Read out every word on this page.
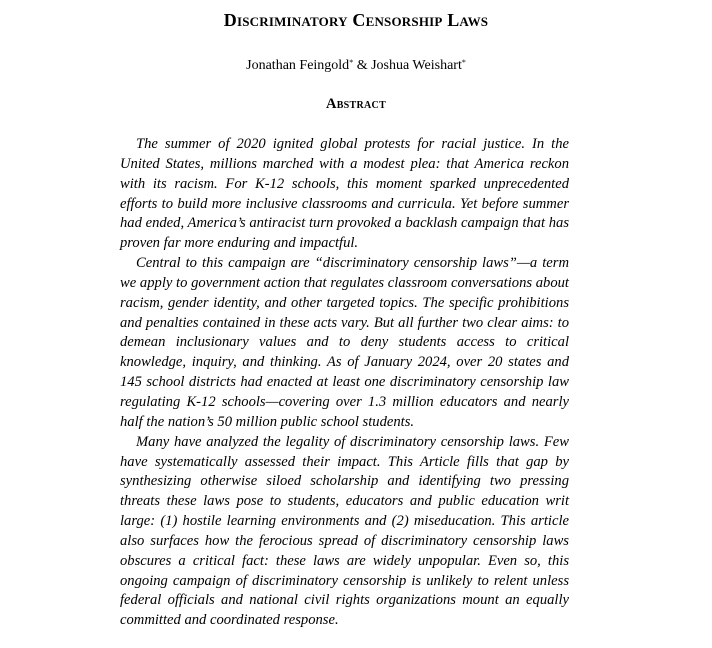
Discriminatory Censorship Laws
Jonathan Feingold* & Joshua Weishart*
Abstract

The summer of 2020 ignited global protests for racial justice. In the United States, millions marched with a modest plea: that America reckon with its racism. For K-12 schools, this moment sparked unprecedented efforts to build more inclusive classrooms and curricula. Yet before summer had ended, America’s antiracist turn provoked a backlash campaign that has proven far more enduring and impactful.

Central to this campaign are “discriminatory censorship laws”—a term we apply to government action that regulates classroom conversations about racism, gender identity, and other targeted topics. The specific prohibitions and penalties contained in these acts vary. But all further two clear aims: to demean inclusionary values and to deny students access to critical knowledge, inquiry, and thinking. As of January 2024, over 20 states and 145 school districts had enacted at least one discriminatory censorship law regulating K-12 schools—covering over 1.3 million educators and nearly half the nation’s 50 million public school students.

Many have analyzed the legality of discriminatory censorship laws. Few have systematically assessed their impact. This Article fills that gap by synthesizing otherwise siloed scholarship and identifying two pressing threats these laws pose to students, educators and public education writ large: (1) hostile learning environments and (2) miseducation. This article also surfaces how the ferocious spread of discriminatory censorship laws obscures a critical fact: these laws are widely unpopular. Even so, this ongoing campaign of discriminatory censorship is unlikely to relent unless federal officials and national civil rights organizations mount an equally committed and coordinated response.
